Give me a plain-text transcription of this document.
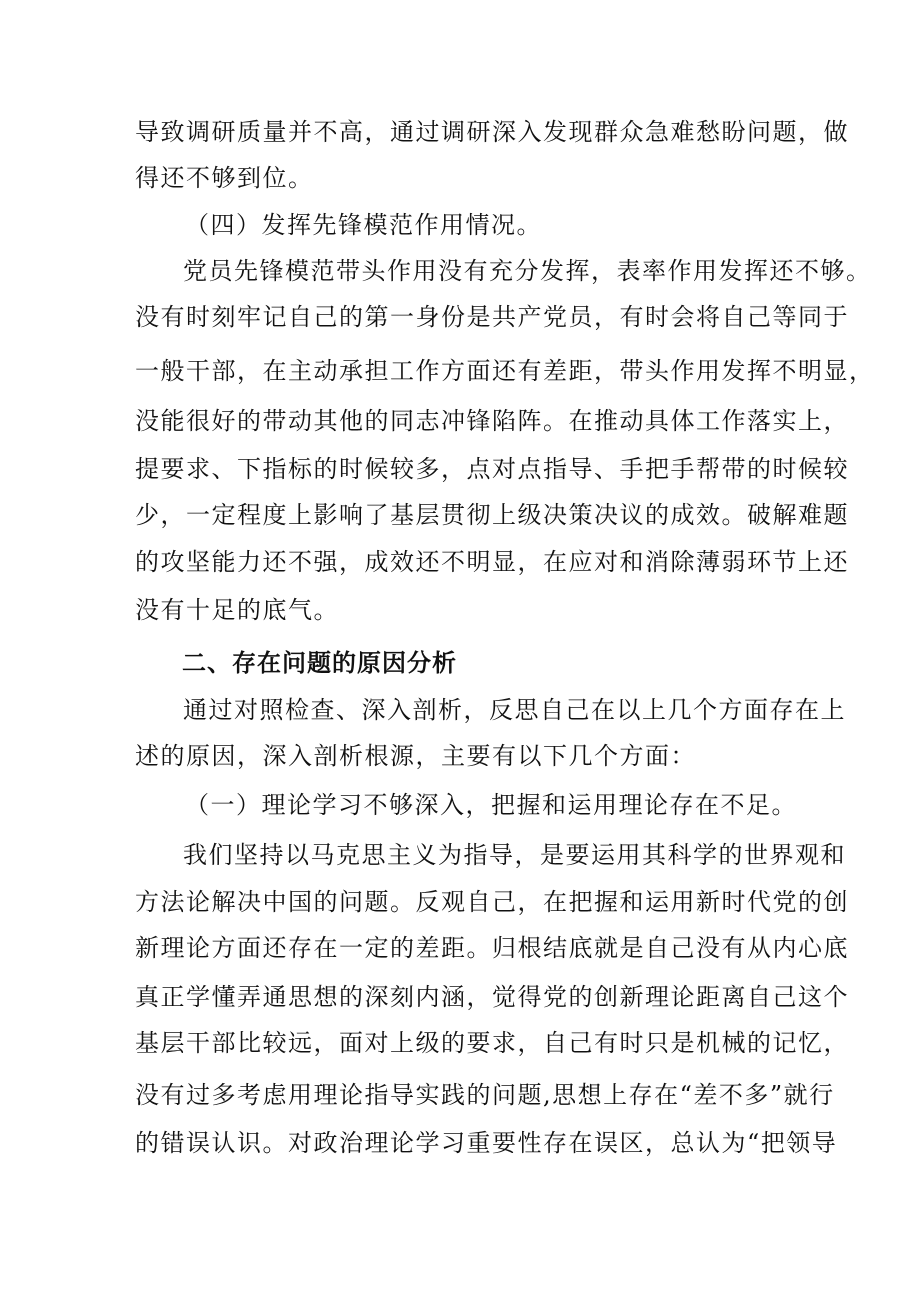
导致调研质量并不高，通过调研深入发现群众急难愁盼问题，做
得还不够到位。
（四）发挥先锋模范作用情况。
党员先锋模范带头作用没有充分发挥，表率作用发挥还不够。
没有时刻牢记自己的第一身份是共产党员，有时会将自己等同于
一般干部，在主动承担工作方面还有差距，带头作用发挥不明显，
没能很好的带动其他的同志冲锋陷阵。在推动具体工作落实上，
提要求、下指标的时候较多，点对点指导、手把手帮带的时候较
少，一定程度上影响了基层贯彻上级决策决议的成效。破解难题
的攻坚能力还不强，成效还不明显，在应对和消除薄弱环节上还
没有十足的底气。
二、存在问题的原因分析
通过对照检查、深入剖析，反思自己在以上几个方面存在上
述的原因，深入剖析根源，主要有以下几个方面：
（一）理论学习不够深入，把握和运用理论存在不足。
我们坚持以马克思主义为指导，是要运用其科学的世界观和
方法论解决中国的问题。反观自己，在把握和运用新时代党的创
新理论方面还存在一定的差距。归根结底就是自己没有从内心底
真正学懂弄通思想的深刻内涵，觉得党的创新理论距离自己这个
基层干部比较远，面对上级的要求，自己有时只是机械的记忆，
没有过多考虑用理论指导实践的问题,思想上存在“差不多”就行
的错误认识。对政治理论学习重要性存在误区，总认为“把领导
